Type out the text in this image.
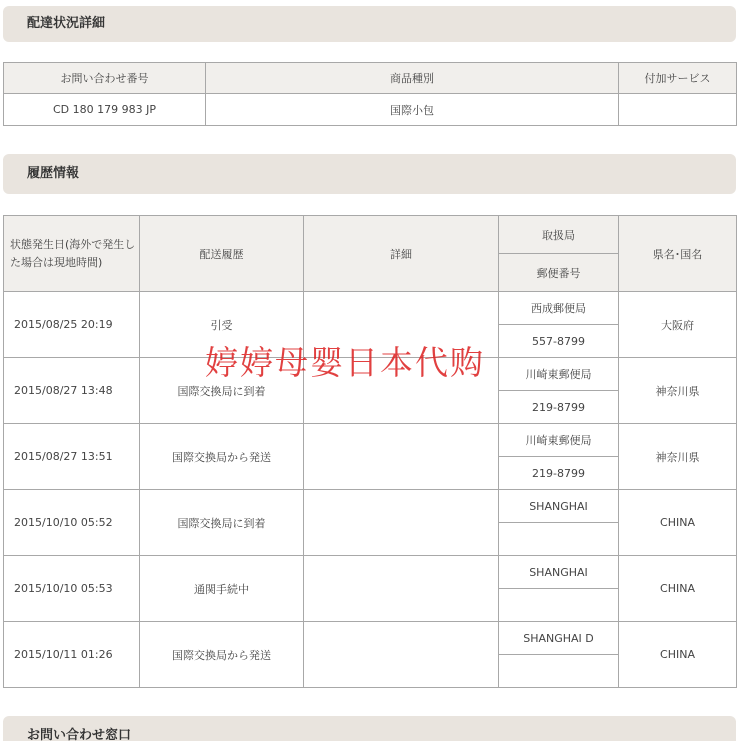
配達状況詳細
お問い合わせ番号	商品種別	付加サービス
CD 180 179 983 JP	国際小包	
履歴情報
状態発生日(海外で発生した場合は現地時間)	配送履歴	詳細	取扱局	県名･国名
			郵便番号	
2015/08/25 20:19	引受		西成郵便局	大阪府
			557-8799	
2015/08/27 13:48	国際交換局に到着		川崎東郵便局	神奈川県
			219-8799	
2015/08/27 13:51	国際交換局から発送		川崎東郵便局	神奈川県
			219-8799	
2015/10/10 05:52	国際交換局に到着		SHANGHAI	CHINA

2015/10/10 05:53	通関手続中		SHANGHAI	CHINA

2015/10/11 01:26	国際交換局から発送		SHANGHAI D	CHINA

お問い合わせ窓口
婷婷母婴日本代购
